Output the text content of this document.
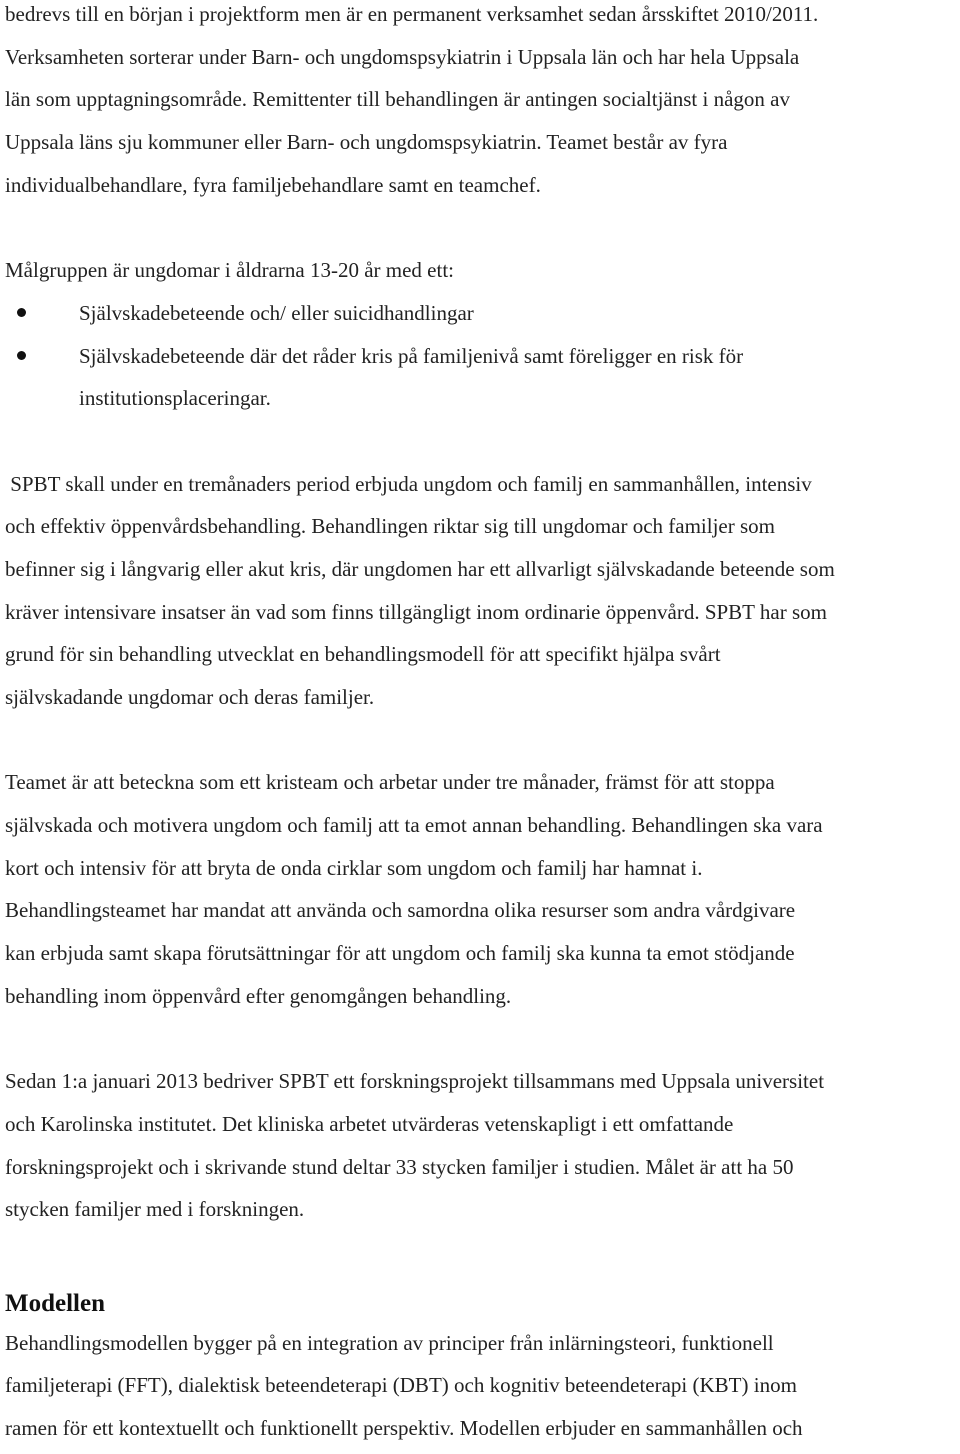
bedrevs till en början i projektform men är en permanent verksamhet sedan årsskiftet 2010/2011.
Verksamheten sorterar under Barn- och ungdomspsykiatrin i Uppsala län och har hela Uppsala
län som upptagningsområde. Remittenter till behandlingen är antingen socialtjänst i någon av
Uppsala läns sju kommuner eller Barn- och ungdomspsykiatrin. Teamet består av fyra
individualbehandlare, fyra familjebehandlare samt en teamchef.
Målgruppen är ungdomar i åldrarna 13-20 år med ett:
Självskadebeteende och/ eller suicidhandlingar
Självskadebeteende där det råder kris på familjenivå samt föreligger en risk för
institutionsplaceringar.
SPBT skall under en tremånaders period erbjuda ungdom och familj en sammanhållen, intensiv
och effektiv öppenvårdsbehandling. Behandlingen riktar sig till ungdomar och familjer som
befinner sig i långvarig eller akut kris, där ungdomen har ett allvarligt självskadande beteende som
kräver intensivare insatser än vad som finns tillgängligt inom ordinarie öppenvård. SPBT har som
grund för sin behandling utvecklat en behandlingsmodell för att specifikt hjälpa svårt
självskadande ungdomar och deras familjer.
Teamet är att beteckna som ett kristeam och arbetar under tre månader, främst för att stoppa
självskada och motivera ungdom och familj att ta emot annan behandling. Behandlingen ska vara
kort och intensiv för att bryta de onda cirklar som ungdom och familj har hamnat i.
Behandlingsteamet har mandat att använda och samordna olika resurser som andra vårdgivare
kan erbjuda samt skapa förutsättningar för att ungdom och familj ska kunna ta emot stödjande
behandling inom öppenvård efter genomgången behandling.
Sedan 1:a januari 2013 bedriver SPBT ett forskningsprojekt tillsammans med Uppsala universitet
och Karolinska institutet. Det kliniska arbetet utvärderas vetenskapligt i ett omfattande
forskningsprojekt och i skrivande stund deltar 33 stycken familjer i studien. Målet är att ha 50
stycken familjer med i forskningen.
Modellen
Behandlingsmodellen bygger på en integration av principer från inlärningsteori, funktionell
familjeterapi (FFT), dialektisk beteendeterapi (DBT) och kognitiv beteendeterapi (KBT) inom
ramen för ett kontextuellt och funktionellt perspektiv. Modellen erbjuder en sammanhållen och
